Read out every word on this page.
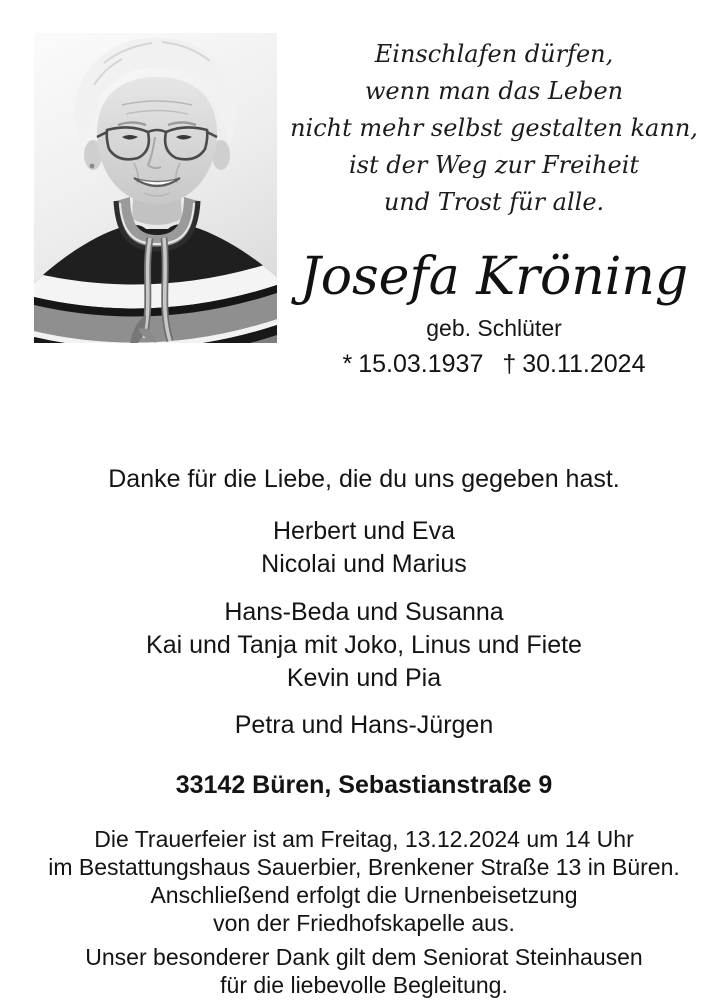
Einschlafen dürfen,
wenn man das Leben
nicht mehr selbst gestalten kann,
ist der Weg zur Freiheit
und Trost für alle.
Josefa Kröning
geb. Schlüter
* 15.03.1937 † 30.11.2024
Danke für die Liebe, die du uns gegeben hast.
Herbert und Eva
Nicolai und Marius
Hans-Beda und Susanna
Kai und Tanja mit Joko, Linus und Fiete
Kevin und Pia
Petra und Hans-Jürgen
33142 Büren, Sebastianstraße 9
Die Trauerfeier ist am Freitag, 13.12.2024 um 14 Uhr
im Bestattungshaus Sauerbier, Brenkener Straße 13 in Büren.
Anschließend erfolgt die Urnenbeisetzung
von der Friedhofskapelle aus.
Unser besonderer Dank gilt dem Seniorat Steinhausen
für die liebevolle Begleitung.
